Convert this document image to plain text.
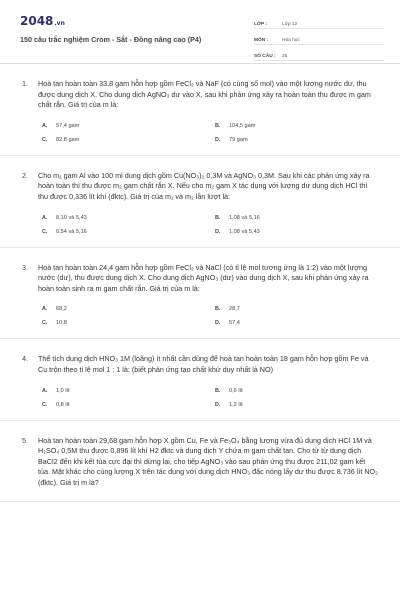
2048.vn
150 câu trắc nghiệm Crom - Sắt - Đồng nâng cao (P4)
LỚP :	Lớp 12
MÔN :	Hóa học
SỐ CÂU :	25
1. Hoà tan hoàn toàn 33,8 gam hỗn hợp gồm FeCl₂ và NaF (có cùng số mol) vào một lượng nước dư, thu được dung dịch X. Cho dung dịch AgNO₃ dư vào X, sau khi phản ứng xảy ra hoàn toàn thu được m gam chất rắn. Giá trị của m là:
A.	57,4 gam	B.	104,5 gam
C.	82,8 gam	D.	79 gam
2. Cho m₁ gam Al vào 100 ml dung dịch gồm Cu(NO₃)₂ 0,3M và AgNO₃ 0,3M. Sau khi các phản ứng xảy ra hoàn toàn thì thu được m₂ gam chất rắn X. Nếu cho m₂ gam X tác dụng với lượng dư dung dịch HCl thì thu được 0,336 lít khí (đktc). Giá trị của m₁ và m₂ lần lượt là:
A.	8,10 và 5,43	B.	1,08 và 5,16
C.	0,54 và 5,16	D.	1,08 và 5,43
3. Hoà tan hoàn toàn 24,4 gam hỗn hợp gồm FeCl₂ và NaCl (có tỉ lệ mol tương ứng là 1:2) vào một lượng nước (dư), thu được dung dịch X. Cho dung dịch AgNO₃ (dư) vào dung dịch X, sau khi phản ứng xảy ra hoàn toàn sinh ra m gam chất rắn. Giá trị của m là:
A.	68,2	B.	28,7
C.	10,8	D.	57,4
4. Thể tích dung dịch HNO₃ 1M (loãng) ít nhất cần dùng để hoà tan hoàn toàn 18 gam hỗn hợp gồm Fe và Cu trộn theo tỉ lệ mol 1 : 1 là: (biết phản ứng tạo chất khử duy nhất là NO)
A.	1,0 lít	B.	0,6 lít
C.	0,8 lít	D.	1,2 lít
5. Hoà tan hoàn toàn 29,68 gam hỗn hợp X gồm Cu, Fe và Fe₃O₄ bằng lượng vừa đủ dung dịch HCl 1M và H₂SO₄ 0,5M thu được 0,896 lít khí H2 đktc và dung dịch Y chứa m gam chất tan. Cho từ từ dung dịch BaCl2 đến khi kết tủa cực đại thì dừng lại, cho tiếp AgNO₃ vào sau phản ứng thu được 211,02 gam kết tủa. Mặt khác cho cùng lượng X trên tác dụng với dung dịch HNO₃ đặc nóng lấy dư thu được 8.736 lít NO₂ (đktc). Giá trị m là?
